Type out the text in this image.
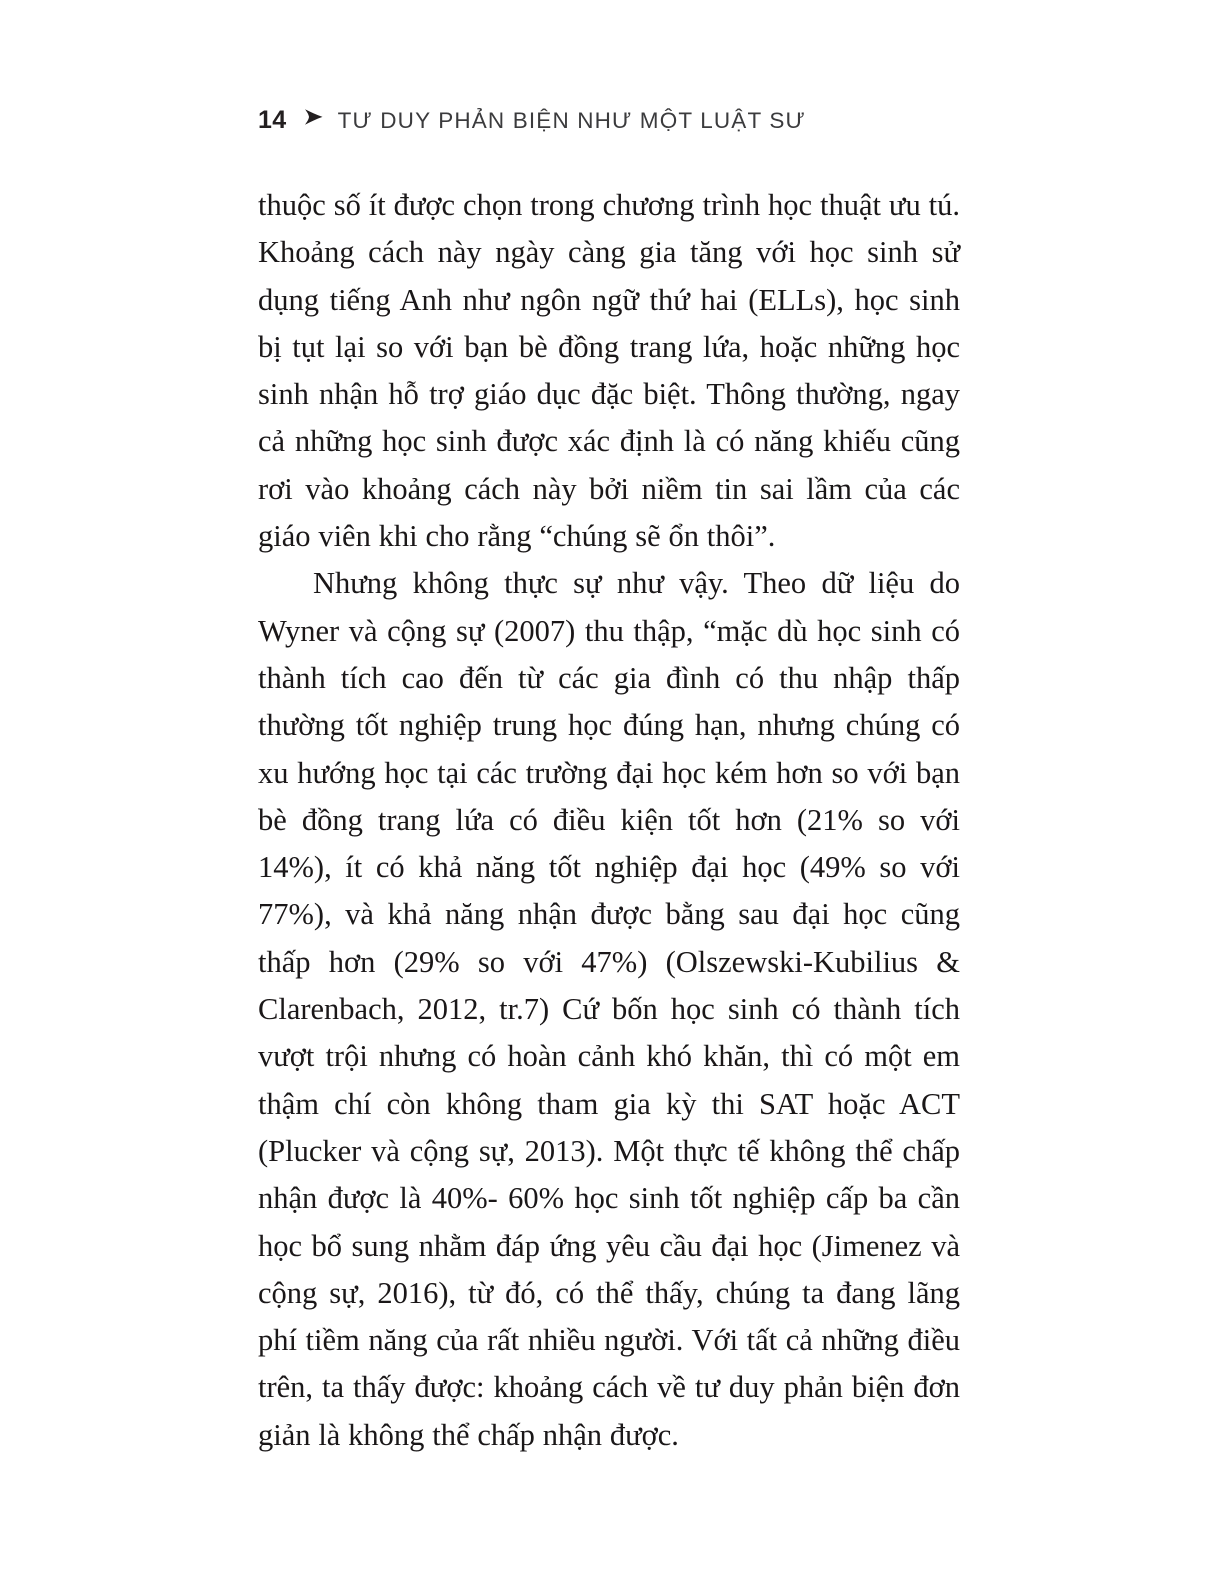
14 TƯ DUY PHẢN BIỆN NHƯ MỘT LUẬT SƯ

thuộc số ít được chọn trong chương trình học thuật ưu tú. Khoảng cách này ngày càng gia tăng với học sinh sử dụng tiếng Anh như ngôn ngữ thứ hai (ELLs), học sinh bị tụt lại so với bạn bè đồng trang lứa, hoặc những học sinh nhận hỗ trợ giáo dục đặc biệt. Thông thường, ngay cả những học sinh được xác định là có năng khiếu cũng rơi vào khoảng cách này bởi niềm tin sai lầm của các giáo viên khi cho rằng “chúng sẽ ổn thôi”.

Nhưng không thực sự như vậy. Theo dữ liệu do Wyner và cộng sự (2007) thu thập, “mặc dù học sinh có thành tích cao đến từ các gia đình có thu nhập thấp thường tốt nghiệp trung học đúng hạn, nhưng chúng có xu hướng học tại các trường đại học kém hơn so với bạn bè đồng trang lứa có điều kiện tốt hơn (21% so với 14%), ít có khả năng tốt nghiệp đại học (49% so với 77%), và khả năng nhận được bằng sau đại học cũng thấp hơn (29% so với 47%) (Olszewski-Kubilius & Clarenbach, 2012, tr.7) Cứ bốn học sinh có thành tích vượt trội nhưng có hoàn cảnh khó khăn, thì có một em thậm chí còn không tham gia kỳ thi SAT hoặc ACT (Plucker và cộng sự, 2013). Một thực tế không thể chấp nhận được là 40%- 60% học sinh tốt nghiệp cấp ba cần học bổ sung nhằm đáp ứng yêu cầu đại học (Jimenez và cộng sự, 2016), từ đó, có thể thấy, chúng ta đang lãng phí tiềm năng của rất nhiều người. Với tất cả những điều trên, ta thấy được: khoảng cách về tư duy phản biện đơn giản là không thể chấp nhận được.
